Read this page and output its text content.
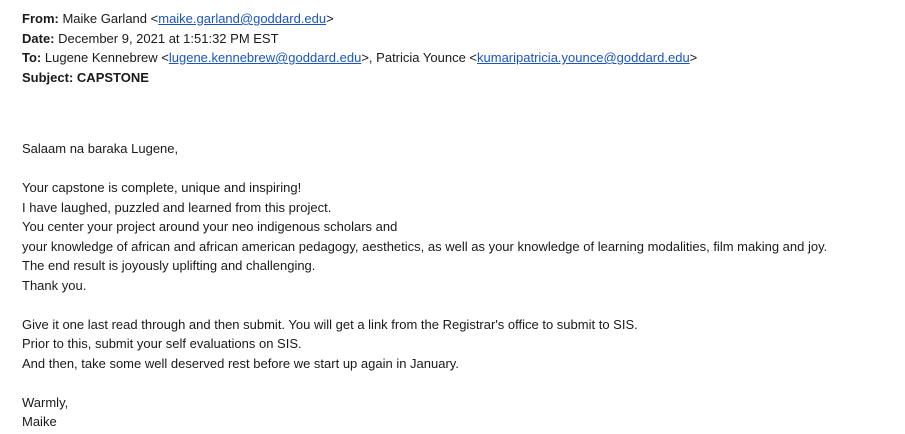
From: Maike Garland <maike.garland@goddard.edu>
Date: December 9, 2021 at 1:51:32 PM EST
To: Lugene Kennebrew <lugene.kennebrew@goddard.edu>, Patricia Younce <kumaripatricia.younce@goddard.edu>
Subject: CAPSTONE
Salaam na baraka Lugene,
Your capstone is complete, unique and inspiring!
I have laughed, puzzled and learned from this project.
You center your project around your neo indigenous scholars and
your knowledge of african and african american pedagogy, aesthetics, as well as your knowledge of learning modalities, film making and joy.
The end result is joyously uplifting and challenging.
Thank you.
Give it one last read through and then submit. You will get a link from the Registrar's office to submit to SIS.
Prior to this, submit your self evaluations on SIS.
And then, take some well deserved rest before we start up again in January.
Warmly,
Maike
